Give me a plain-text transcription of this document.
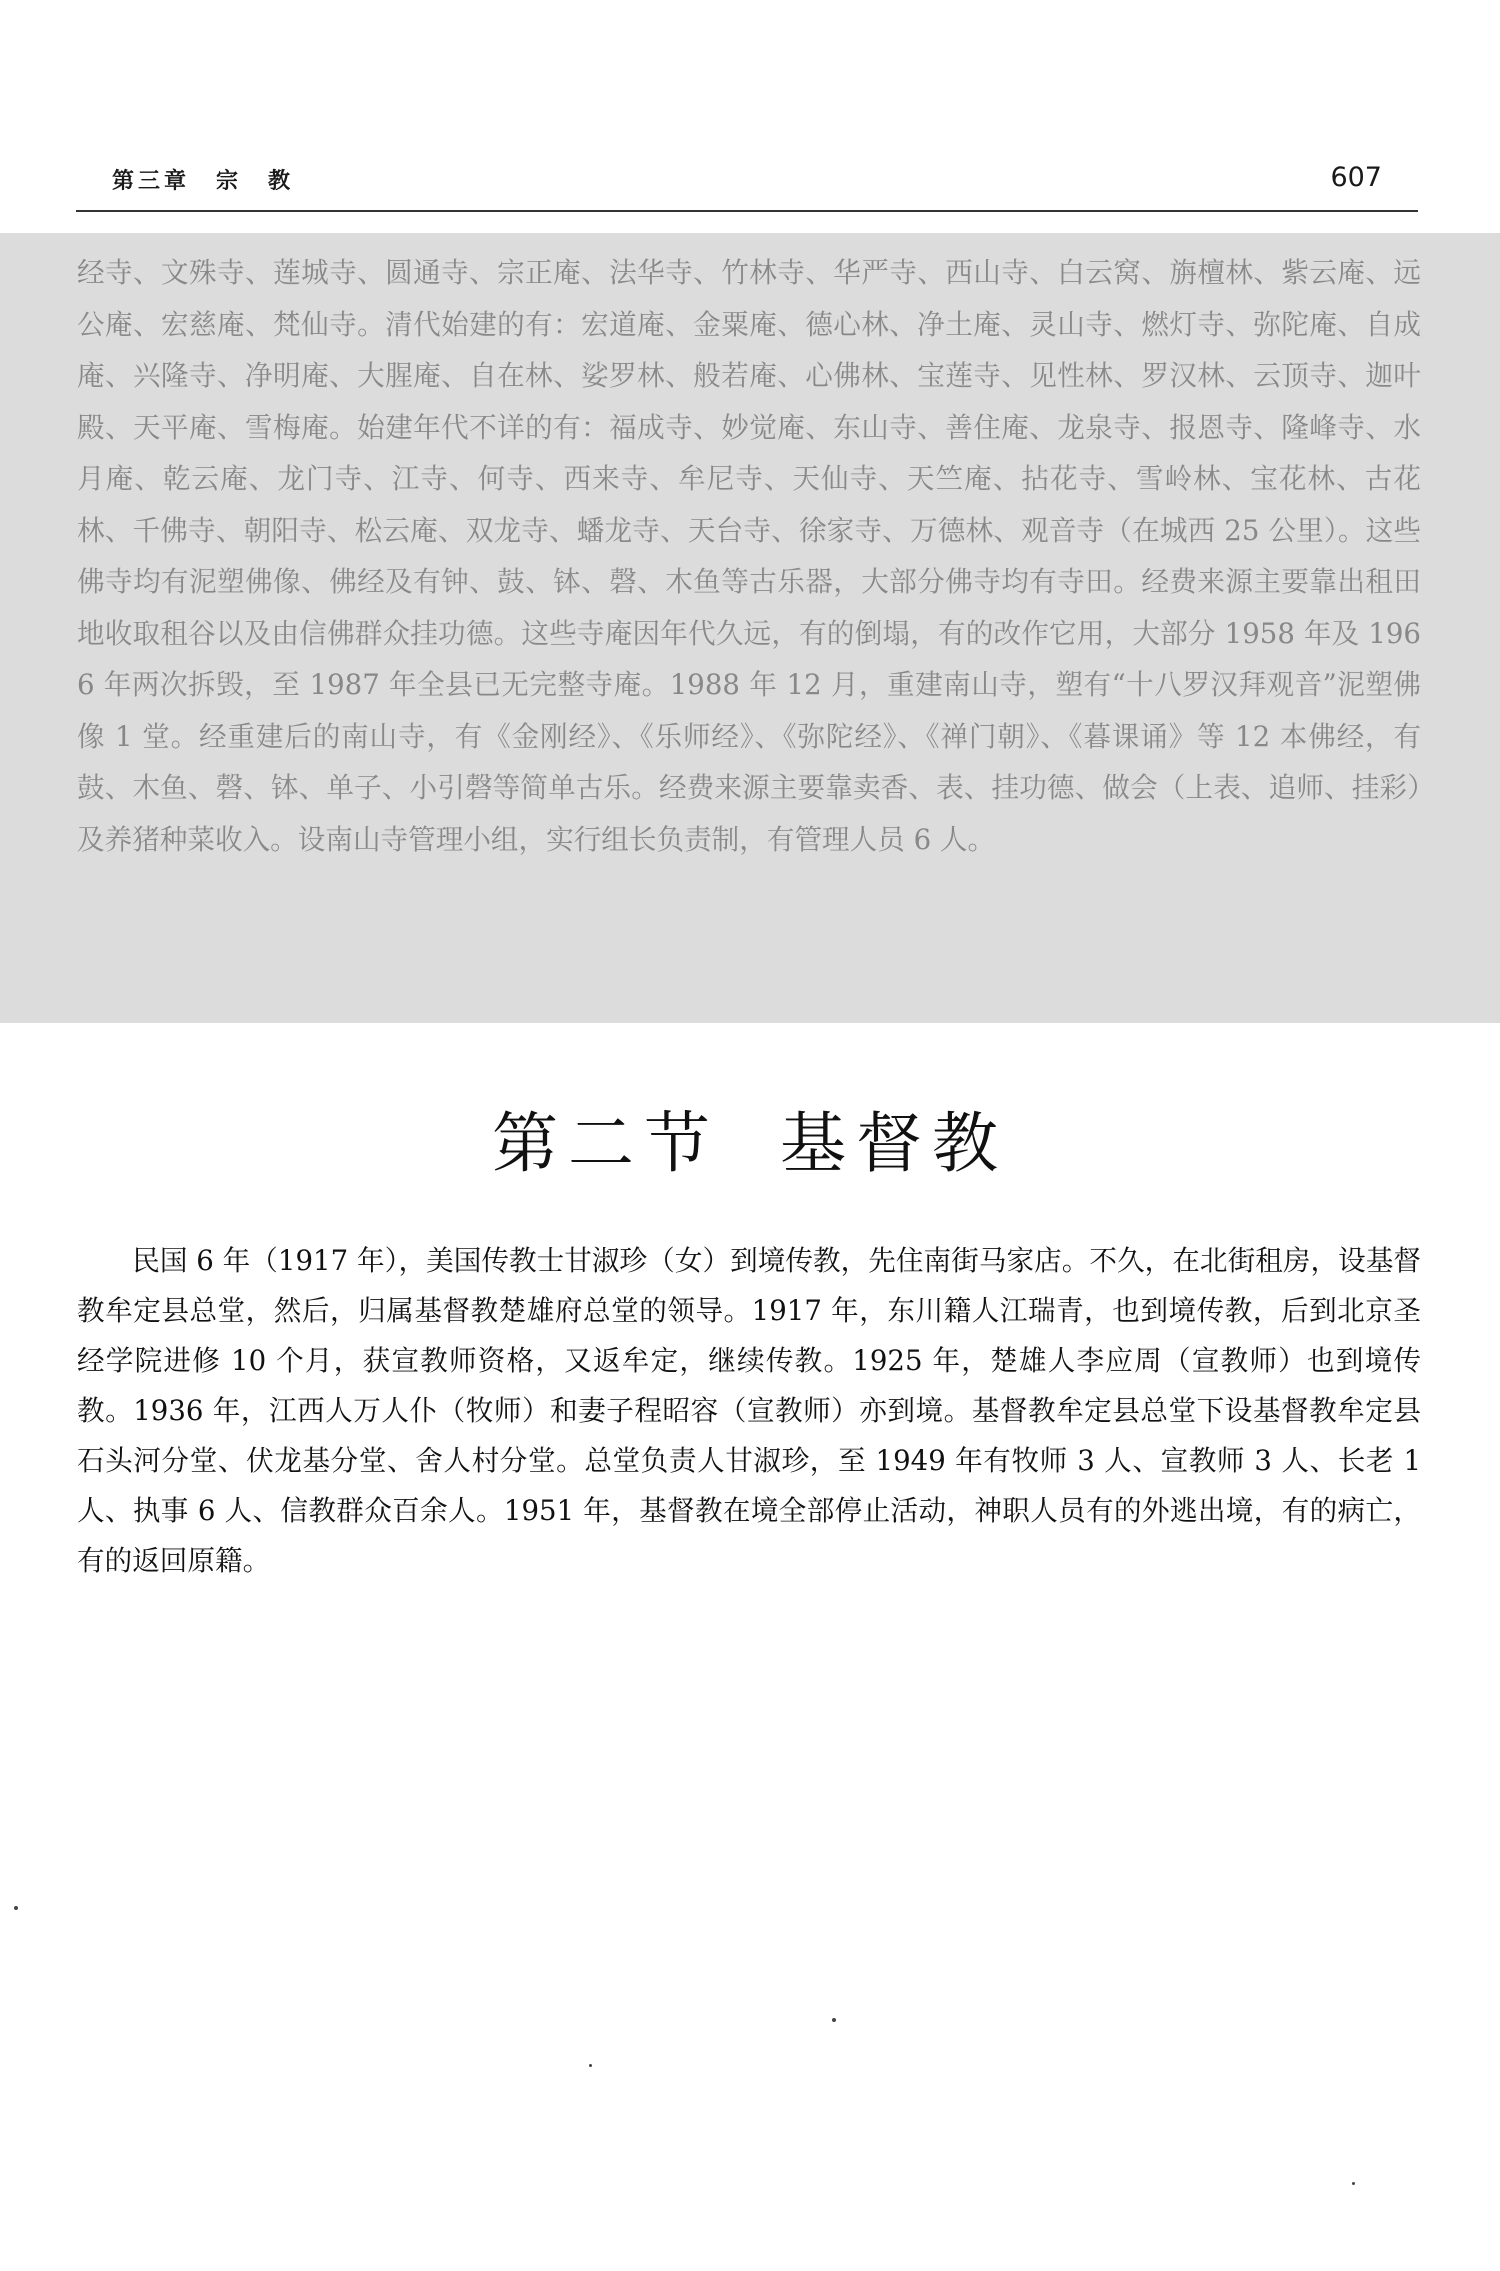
第三章　宗　教	607

经寺、文殊寺、莲城寺、圆通寺、宗正庵、法华寺、竹林寺、华严寺、西山寺、白云窝、旃檀林、紫云庵、远公庵、宏慈庵、梵仙寺。清代始建的有：宏道庵、金粟庵、德心林、净土庵、灵山寺、燃灯寺、弥陀庵、自成庵、兴隆寺、净明庵、大腥庵、自在林、娑罗林、般若庵、心佛林、宝莲寺、见性林、罗汉林、云顶寺、迦叶殿、天平庵、雪梅庵。始建年代不详的有：福成寺、妙觉庵、东山寺、善住庵、龙泉寺、报恩寺、隆峰寺、水月庵、乾云庵、龙门寺、江寺、何寺、西来寺、牟尼寺、天仙寺、天竺庵、拈花寺、雪岭林、宝花林、古花林、千佛寺、朝阳寺、松云庵、双龙寺、蟠龙寺、天台寺、徐家寺、万德林、观音寺（在城西 25 公里）。这些佛寺均有泥塑佛像、佛经及有钟、鼓、钵、磬、木鱼等古乐器，大部分佛寺均有寺田。经费来源主要靠出租田地收取租谷以及由信佛群众挂功德。这些寺庵因年代久远，有的倒塌，有的改作它用，大部分 1958 年及 1966 年两次拆毁，至 1987 年全县已无完整寺庵。1988 年 12 月，重建南山寺，塑有“十八罗汉拜观音”泥塑佛像 1 堂。经重建后的南山寺，有《金刚经》、《乐师经》、《弥陀经》、《禅门朝》、《暮课诵》等 12 本佛经，有鼓、木鱼、磬、钵、单子、小引磬等简单古乐。经费来源主要靠卖香、表、挂功德、做会（上表、追师、挂彩）及养猪种菜收入。设南山寺管理小组，实行组长负责制，有管理人员 6 人。

第二节 基督教

民国 6 年（1917 年），美国传教士甘淑珍（女）到境传教，先住南街马家店。不久，在北街租房，设基督教牟定县总堂，然后，归属基督教楚雄府总堂的领导。1917 年，东川籍人江瑞青，也到境传教，后到北京圣经学院进修 10 个月，获宣教师资格，又返牟定，继续传教。1925 年，楚雄人李应周（宣教师）也到境传教。1936 年，江西人万人仆（牧师）和妻子程昭容（宣教师）亦到境。基督教牟定县总堂下设基督教牟定县石头河分堂、伏龙基分堂、舍人村分堂。总堂负责人甘淑珍，至 1949 年有牧师 3 人、宣教师 3 人、长老 1 人、执事 6 人、信教群众百余人。1951 年，基督教在境全部停止活动，神职人员有的外逃出境，有的病亡，有的返回原籍。
